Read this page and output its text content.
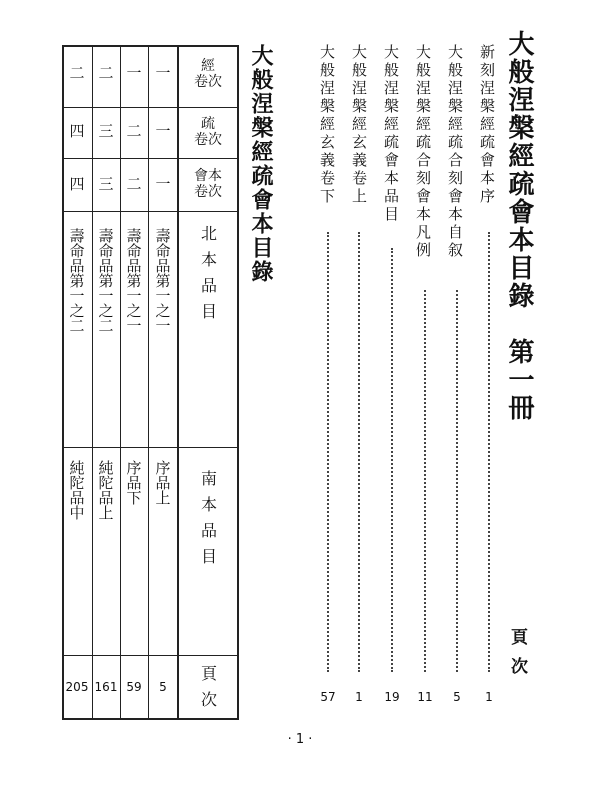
大般涅槃經疏會本目錄　第一冊
頁次
新刻涅槃經疏會本序
1
大般涅槃經疏合刻會本自叙
5
大般涅槃經疏合刻會本凡例
11
大般涅槃經疏會本品目
19
大般涅槃經玄義卷上
1
大般涅槃經玄義卷下
57
大般涅槃經疏會本目錄
經
卷次
疏
卷次
會本
卷次
北本品目
南本品目
頁次
一
一
一
壽命品第一之一
序品上
5
一
二
二
壽命品第一之一
序品下
59
二
三
三
壽命品第一之二
純陀品上
161
二
四
四
壽命品第一之二
純陀品中
205
· 1 ·
